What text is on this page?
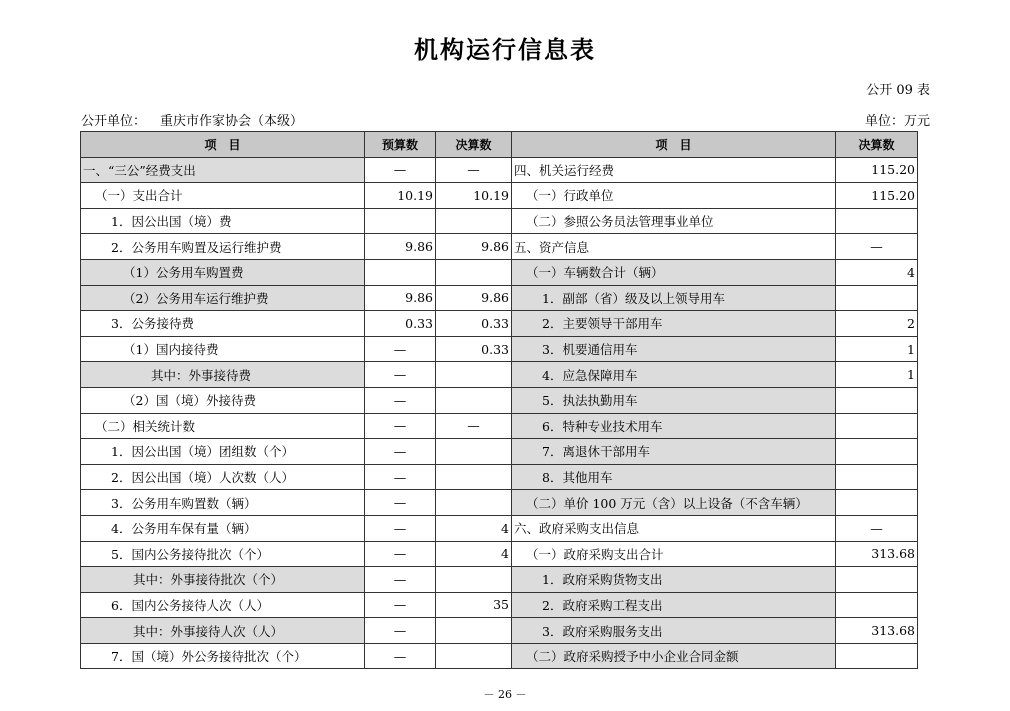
机构运行信息表
公开 09 表
公开单位： 重庆市作家协会（本级）	单位：万元
项　目	预算数	决算数	项　目	决算数
一、“三公”经费支出	—	—	四、机关运行经费	115.20
（一）支出合计	10.19	10.19	（一）行政单位	115.20
1．因公出国（境）费			（二）参照公务员法管理事业单位	
2．公务用车购置及运行维护费	9.86	9.86	五、资产信息	—
（1）公务用车购置费			（一）车辆数合计（辆）	4
（2）公务用车运行维护费	9.86	9.86	1．副部（省）级及以上领导用车	
3．公务接待费	0.33	0.33	2．主要领导干部用车	2
（1）国内接待费	—	0.33	3．机要通信用车	1
其中：外事接待费	—		4．应急保障用车	1
（2）国（境）外接待费	—		5．执法执勤用车	
（二）相关统计数	—	—	6．特种专业技术用车	
1．因公出国（境）团组数（个）	—		7．离退休干部用车	
2．因公出国（境）人次数（人）	—		8．其他用车	
3．公务用车购置数（辆）	—		（二）单价 100 万元（含）以上设备（不含车辆）	
4．公务用车保有量（辆）	—	4	六、政府采购支出信息	—
5．国内公务接待批次（个）	—	4	（一）政府采购支出合计	313.68
其中：外事接待批次（个）	—		1．政府采购货物支出	
6．国内公务接待人次（人）	—	35	2．政府采购工程支出	
其中：外事接待人次（人）	—		3．政府采购服务支出	313.68
7．国（境）外公务接待批次（个）	—		（二）政府采购授予中小企业合同金额	
－ 26 －
